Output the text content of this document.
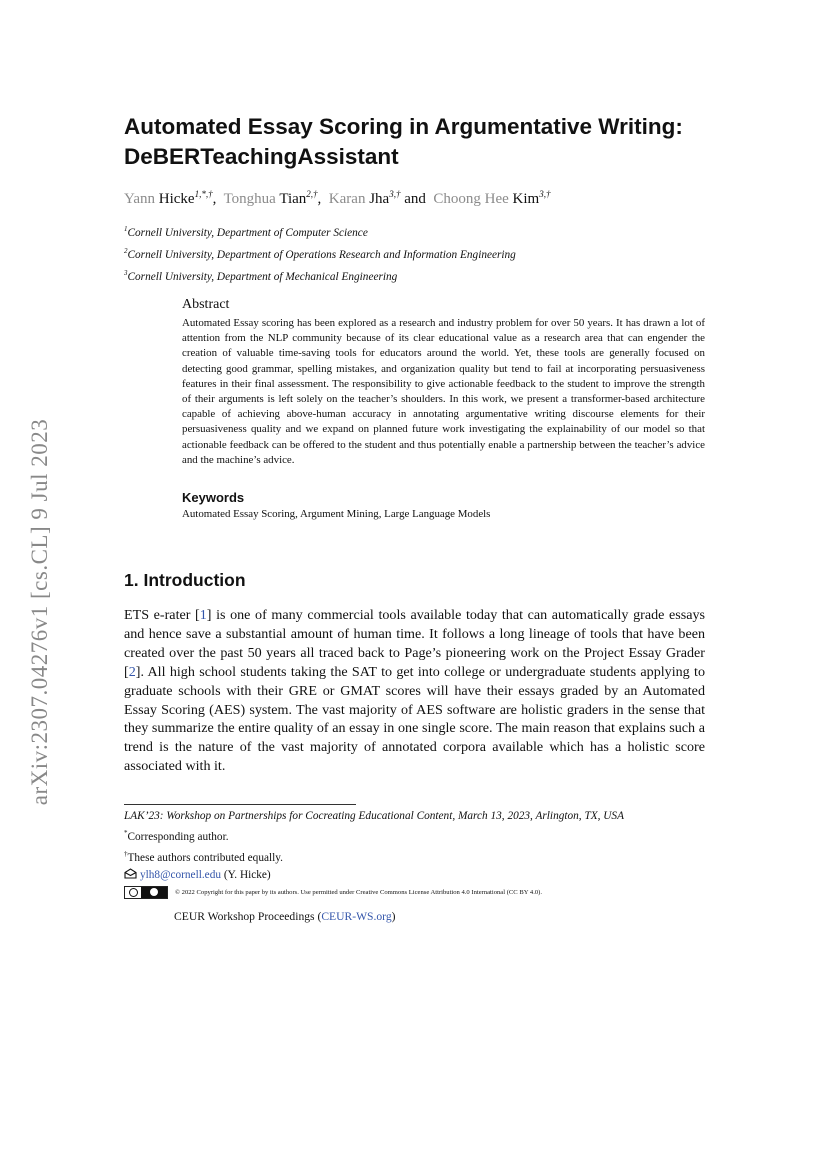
arXiv:2307.04276v1 [cs.CL] 9 Jul 2023
Automated Essay Scoring in Argumentative Writing:
DeBERTeachingAssistant
Yann Hicke$^{1,*,\dagger}$, Tonghua Tian$^{2,\dagger}$, Karan Jha$^{3,\dagger}$ and Choong Hee Kim$^{3,\dagger}$
$^1$Cornell University, Department of Computer Science
$^2$Cornell University, Department of Operations Research and Information Engineering
$^3$Cornell University, Department of Mechanical Engineering
Abstract

Automated Essay scoring has been explored as a research and industry problem for over 50 years. It has drawn a lot of attention from the NLP community because of its clear educational value as a research area that can engender the creation of valuable time-saving tools for educators around the world. Yet, these tools are generally focused on detecting good grammar, spelling mistakes, and organization quality but tend to fail at incorporating persuasiveness features in their final assessment. The responsibility to give actionable feedback to the student to improve the strength of their arguments is left solely on the teacher’s shoulders. In this work, we present a transformer-based architecture capable of achieving above-human accuracy in annotating argumentative writing discourse elements for their persuasiveness quality and we expand on planned future work investigating the explainability of our model so that actionable feedback can be offered to the student and thus potentially enable a partnership between the teacher’s advice and the machine’s advice.

Keywords

Automated Essay Scoring, Argument Mining, Large Language Models

1. Introduction

ETS e-rater [1] is one of many commercial tools available today that can automatically grade essays and hence save a substantial amount of human time. It follows a long lineage of tools that have been created over the past 50 years all traced back to Page’s pioneering work on the Project Essay Grader [2]. All high school students taking the SAT to get into college or undergraduate students applying to graduate schools with their GRE or GMAT scores will have their essays graded by an Automated Essay Scoring (AES) system. The vast majority of AES software are holistic graders in the sense that they summarize the entire quality of an essay in one single score. The main reason that explains such a trend is the nature of the vast majority of annotated corpora available which has a holistic score associated with it.

LAK’23: Workshop on Partnerships for Cocreating Educational Content, March 13, 2023, Arlington, TX, USA
*Corresponding author.
†These authors contributed equally.
ylh8@cornell.edu (Y. Hicke)
© 2022 Copyright for this paper by its authors. Use permitted under Creative Commons License Attribution 4.0 International (CC BY 4.0).
CEUR Workshop Proceedings (CEUR-WS.org)
